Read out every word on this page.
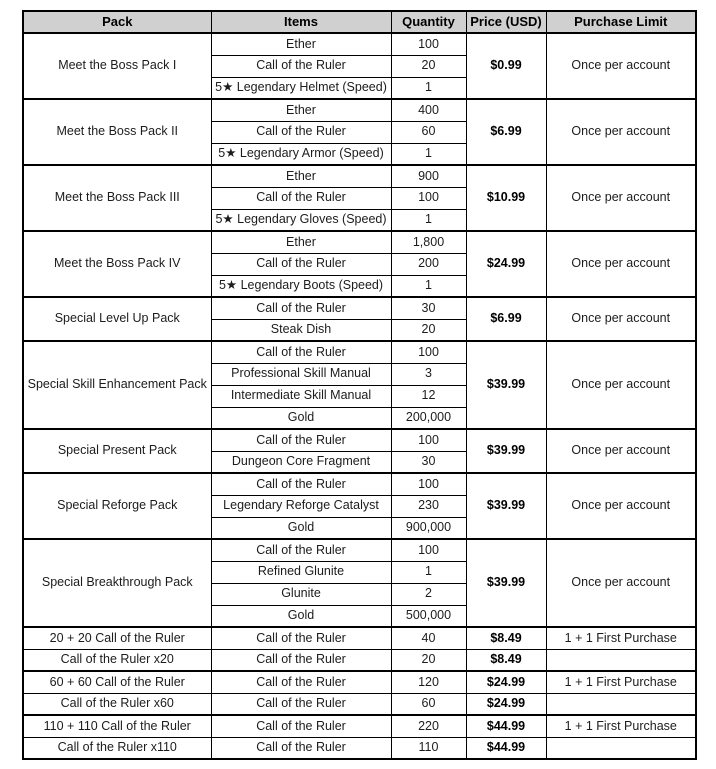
Pack	Items	Quantity	Price (USD)	Purchase Limit
Meet the Boss Pack I	Ether	100	$0.99	Once per account
	Call of the Ruler	20		
	5★ Legendary Helmet (Speed)	1		
Meet the Boss Pack II	Ether	400	$6.99	Once per account
	Call of the Ruler	60		
	5★ Legendary Armor (Speed)	1		
Meet the Boss Pack III	Ether	900	$10.99	Once per account
	Call of the Ruler	100		
	5★ Legendary Gloves (Speed)	1		
Meet the Boss Pack IV	Ether	1,800	$24.99	Once per account
	Call of the Ruler	200		
	5★ Legendary Boots (Speed)	1		
Special Level Up Pack	Call of the Ruler	30	$6.99	Once per account
	Steak Dish	20		
Special Skill Enhancement Pack	Call of the Ruler	100	$39.99	Once per account
	Professional Skill Manual	3		
	Intermediate Skill Manual	12		
	Gold	200,000		
Special Present Pack	Call of the Ruler	100	$39.99	Once per account
	Dungeon Core Fragment	30		
Special Reforge Pack	Call of the Ruler	100	$39.99	Once per account
	Legendary Reforge Catalyst	230		
	Gold	900,000		
Special Breakthrough Pack	Call of the Ruler	100	$39.99	Once per account
	Refined Glunite	1		
	Glunite	2		
	Gold	500,000		
20 + 20 Call of the Ruler	Call of the Ruler	40	$8.49	1 + 1 First Purchase
Call of the Ruler x20	Call of the Ruler	20	$8.49	
60 + 60 Call of the Ruler	Call of the Ruler	120	$24.99	1 + 1 First Purchase
Call of the Ruler x60	Call of the Ruler	60	$24.99	
110 + 110 Call of the Ruler	Call of the Ruler	220	$44.99	1 + 1 First Purchase
Call of the Ruler x110	Call of the Ruler	110	$44.99	
